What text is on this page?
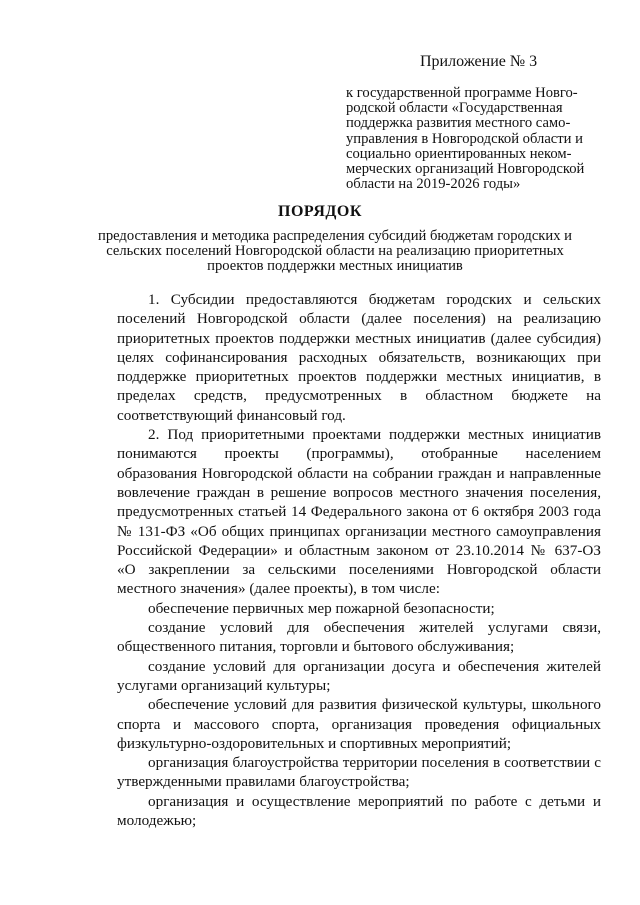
Приложение № 3

к государственной программе Новго-

родской области «Государственная

поддержка развития местного само-

управления в Новгородской области и

социально ориентированных неком-

мерческих организаций Новгородской

области на 2019-2026 годы»

ПОРЯДОК

предоставления и методика распределения субсидий бюджетам городских и
сельских поселений Новгородской области на реализацию приоритетных
проектов поддержки местных инициатив

1. Субсидии предоставляются бюджетам городских и сельских
поселений Новгородской области (далее поселения) на реализацию
приоритетных проектов поддержки местных инициатив (далее субсидия)
целях софинансирования расходных обязательств, возникающих при
поддержке приоритетных проектов поддержки местных инициатив, в
пределах средств, предусмотренных в областном бюджете на
соответствующий финансовый год.
2. Под приоритетными проектами поддержки местных инициатив
понимаются проекты (программы), отобранные населением
образования Новгородской области на собрании граждан и направленные
вовлечение граждан в решение вопросов местного значения поселения,
предусмотренных статьей 14 Федерального закона от 6 октября 2003 года
№ 131-ФЗ «Об общих принципах организации местного самоуправления
Российской Федерации» и областным законом от 23.10.2014 № 637-ОЗ
«О закреплении за сельскими поселениями Новгородской области
местного значения» (далее проекты), в том числе:
обеспечение первичных мер пожарной безопасности;
создание условий для обеспечения жителей услугами связи,
общественного питания, торговли и бытового обслуживания;
создание условий для организации досуга и обеспечения жителей
услугами организаций культуры;
обеспечение условий для развития физической культуры, школьного
спорта и массового спорта, организация проведения официальных
физкультурно-оздоровительных и спортивных мероприятий;
организация благоустройства территории поселения в соответствии с
утвержденными правилами благоустройства;
организация и осуществление мероприятий по работе с детьми и
молодежью;
